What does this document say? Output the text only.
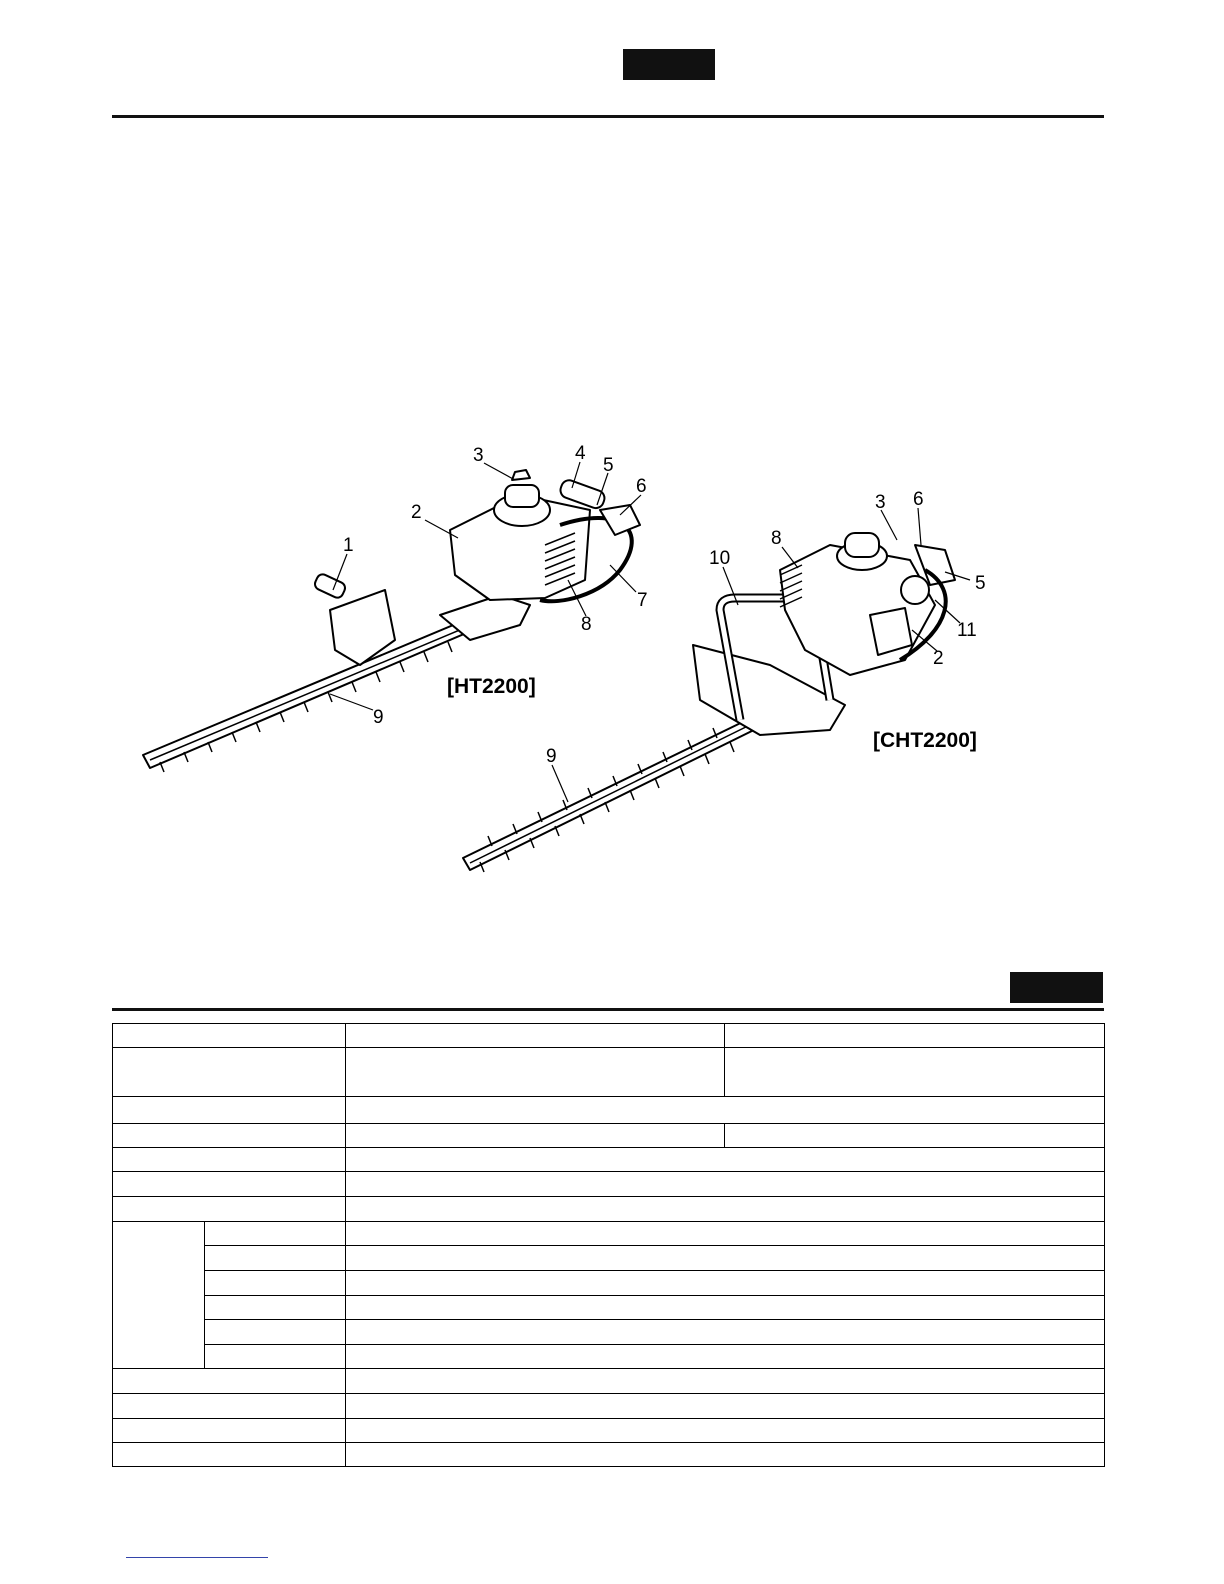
1
2
3	4
5
6
7
8
9
[HT2200]
2
3
5
6
8
9
10
11
[CHT2200]
